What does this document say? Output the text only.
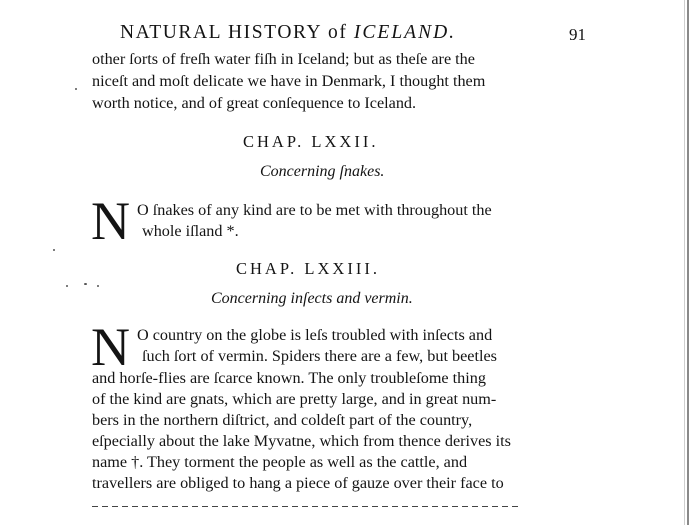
NATURAL HISTORY of ICELAND.	91
other ſorts of freſh water fiſh in Iceland; but as theſe are the
niceſt and moſt delicate we have in Denmark, I thought them
worth notice, and of great conſequence to Iceland.
CHAP. LXXII.
Concerning ſnakes.
N O ſnakes of any kind are to be met with throughout the
whole iſland *.
CHAP. LXXIII.
Concerning inſects and vermin.
N O country on the globe is leſs troubled with inſects and
ſuch ſort of vermin. Spiders there are a few, but beetles
and horſe-flies are ſcarce known. The only troubleſome thing
of the kind are gnats, which are pretty large, and in great num-
bers in the northern diſtrict, and coldeſt part of the country,
eſpecially about the lake Myvatne, which from thence derives its
name †. They torment the people as well as the cattle, and
travellers are obliged to hang a piece of gauze over their face to
